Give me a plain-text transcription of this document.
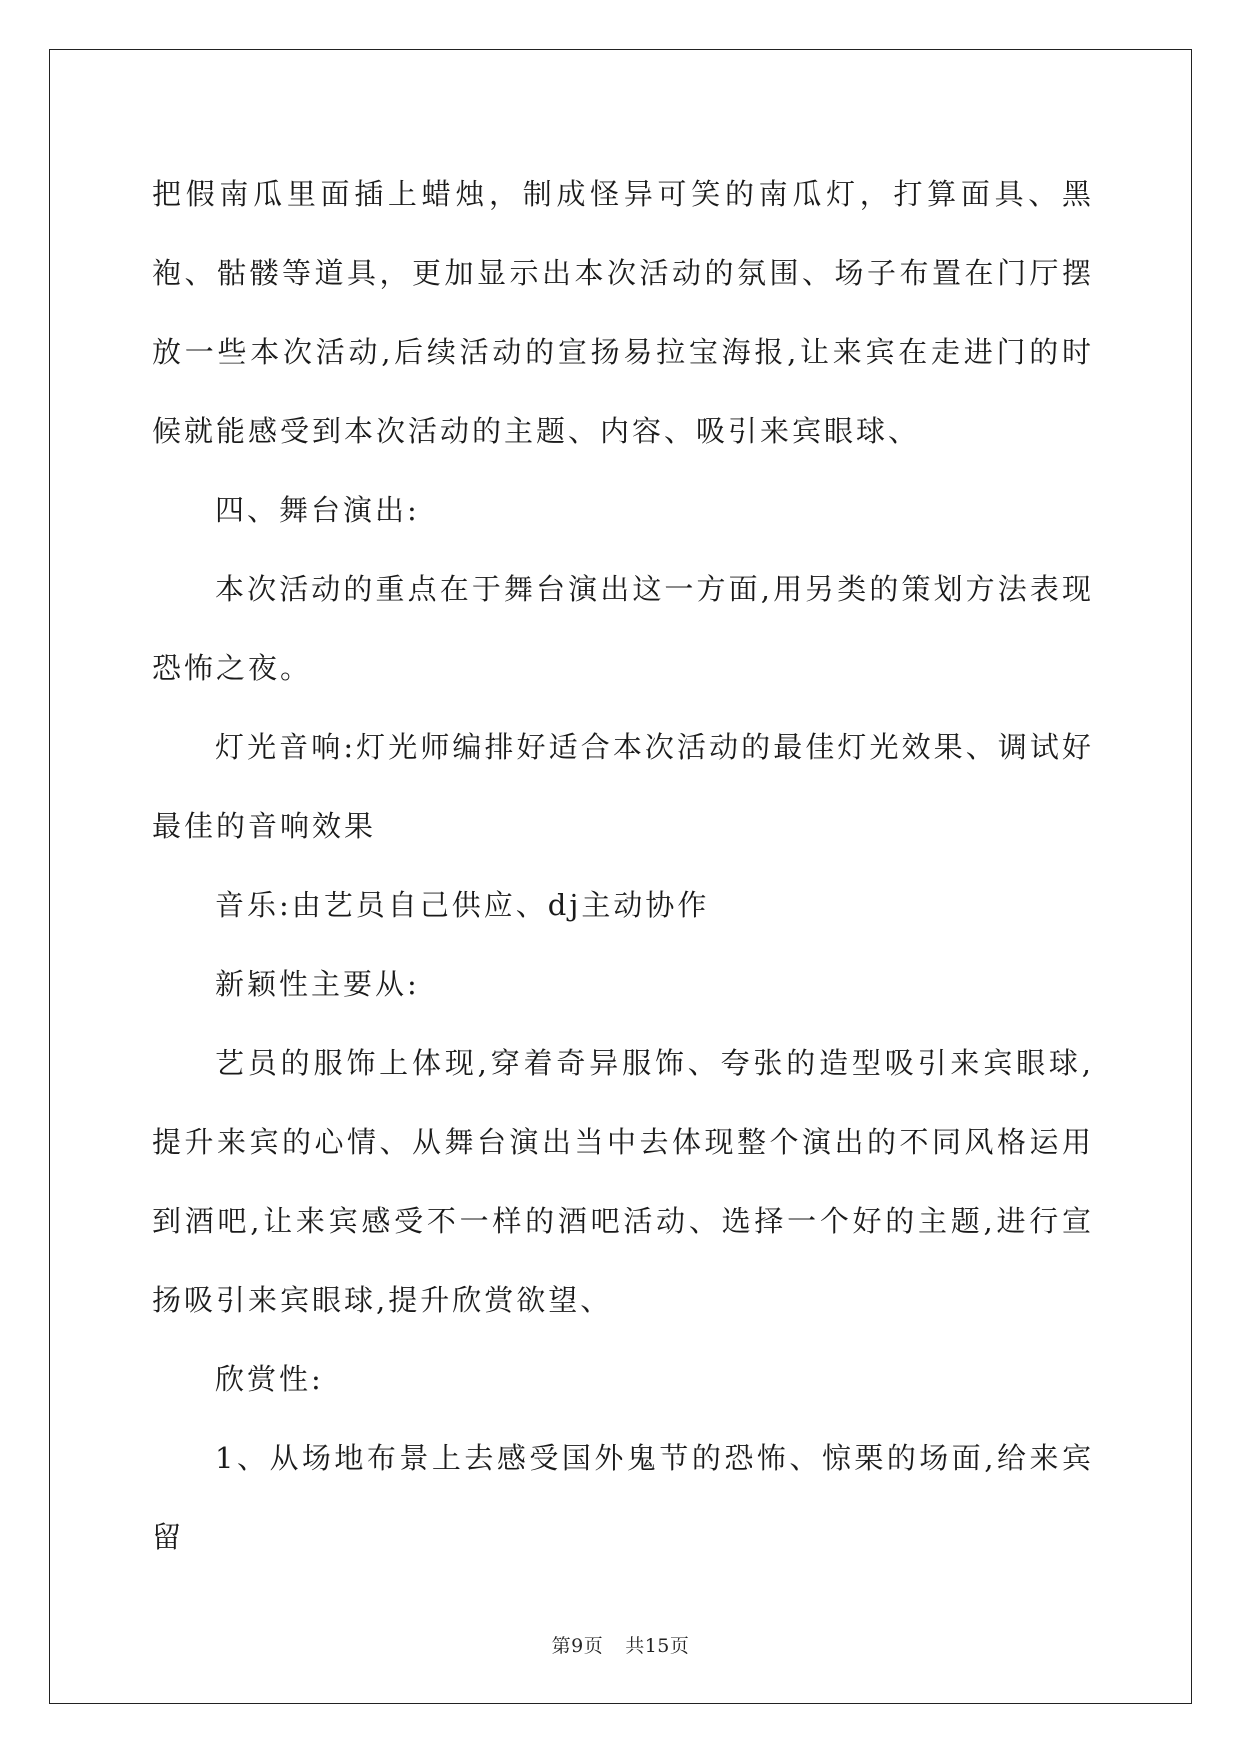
把假南瓜里面插上蜡烛，制成怪异可笑的南瓜灯，打算面具、黑袍、骷髅等道具，更加显示出本次活动的氛围、场子布置在门厅摆放一些本次活动,后续活动的宣扬易拉宝海报,让来宾在走进门的时候就能感受到本次活动的主题、内容、吸引来宾眼球、

四、舞台演出:

本次活动的重点在于舞台演出这一方面,用另类的策划方法表现恐怖之夜。

灯光音响:灯光师编排好适合本次活动的最佳灯光效果、调试好最佳的音响效果

音乐:由艺员自己供应、dj主动协作

新颖性主要从:

艺员的服饰上体现,穿着奇异服饰、夸张的造型吸引来宾眼球,提升来宾的心情、从舞台演出当中去体现整个演出的不同风格运用到酒吧,让来宾感受不一样的酒吧活动、选择一个好的主题,进行宣扬吸引来宾眼球,提升欣赏欲望、

欣赏性:

1、从场地布景上去感受国外鬼节的恐怖、惊栗的场面,给来宾留

第9页 共15页
